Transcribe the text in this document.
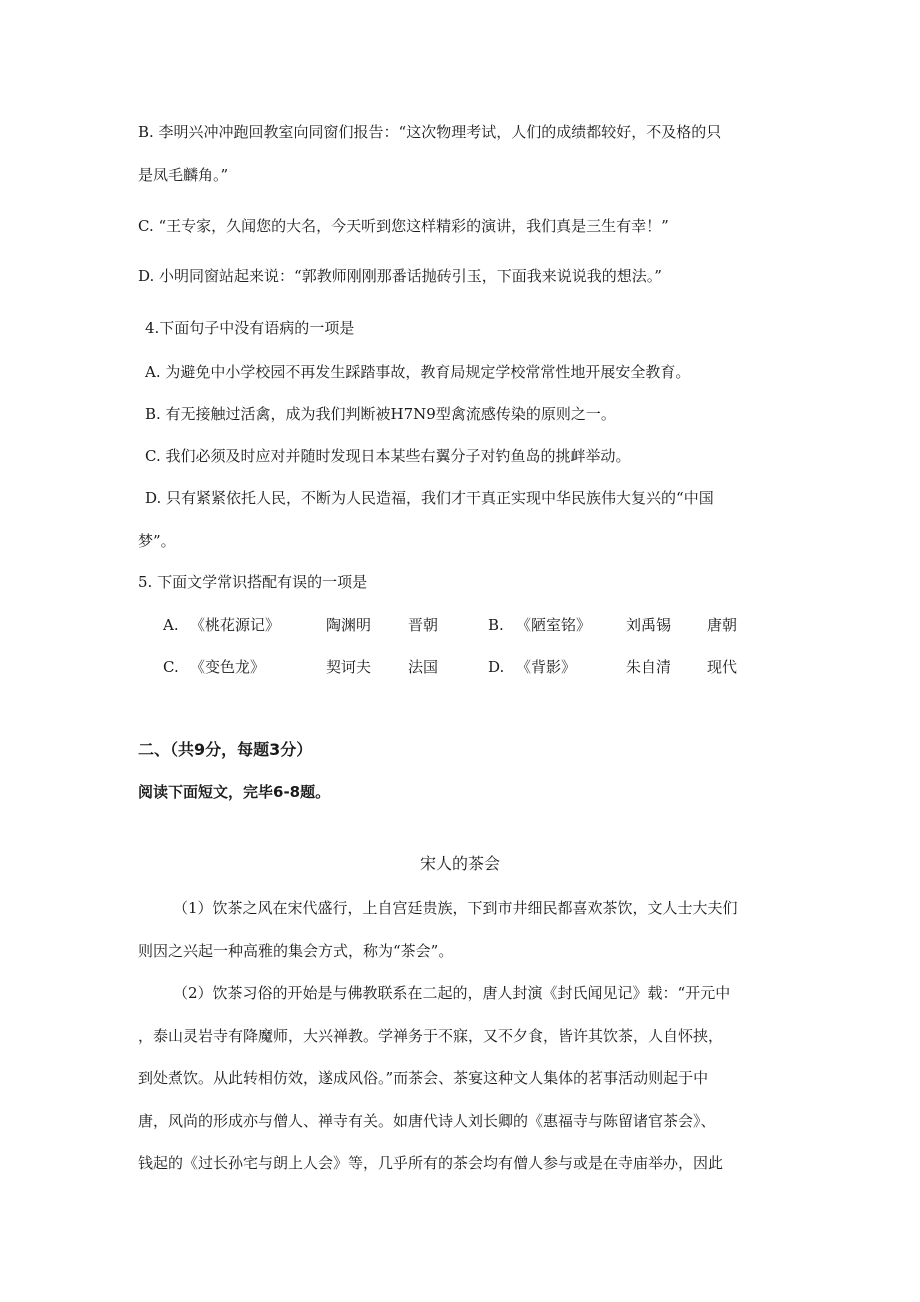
B. 李明兴冲冲跑回教室向同窗们报告：“这次物理考试，人们的成绩都较好，不及格的只
是凤毛麟角。”
C. “王专家，久闻您的大名，今天听到您这样精彩的演讲，我们真是三生有幸！”
D. 小明同窗站起来说：“郭教师刚刚那番话抛砖引玉，下面我来说说我的想法。”
4.下面句子中没有语病的一项是
A. 为避免中小学校园不再发生踩踏事故，教育局规定学校常常性地开展安全教育。
B. 有无接触过活禽，成为我们判断被H7N9型禽流感传染的原则之一。
C. 我们必须及时应对并随时发现日本某些右翼分子对钓鱼岛的挑衅举动。
D. 只有紧紧依托人民，不断为人民造福，我们才干真正实现中华民族伟大复兴的“中国
梦”。
5. 下面文学常识搭配有误的一项是
A. 《桃花源记》	陶渊明 晋朝	B. 《陋室铭》 刘禹锡 唐朝
C. 《变色龙》	契诃夫 法国	D. 《背影》	朱自清 现代
二、（共9分，每题3分）
阅读下面短文，完毕6-8题。
宋人的茶会
（1）饮茶之风在宋代盛行，上自宫廷贵族，下到市井细民都喜欢茶饮，文人士大夫们
则因之兴起一种高雅的集会方式，称为“茶会”。
（2）饮茶习俗的开始是与佛教联系在二起的，唐人封演《封氏闻见记》载：“开元中
，泰山灵岩寺有降魔师，大兴禅教。学禅务于不寐，又不夕食，皆许其饮茶，人自怀挟，
到处煮饮。从此转相仿效，遂成风俗。”而茶会、茶宴这种文人集体的茗事活动则起于中
唐，风尚的形成亦与僧人、禅寺有关。如唐代诗人刘长卿的《惠福寺与陈留诸官茶会》、
钱起的《过长孙宅与朗上人会》等，几乎所有的茶会均有僧人参与或是在寺庙举办，因此
